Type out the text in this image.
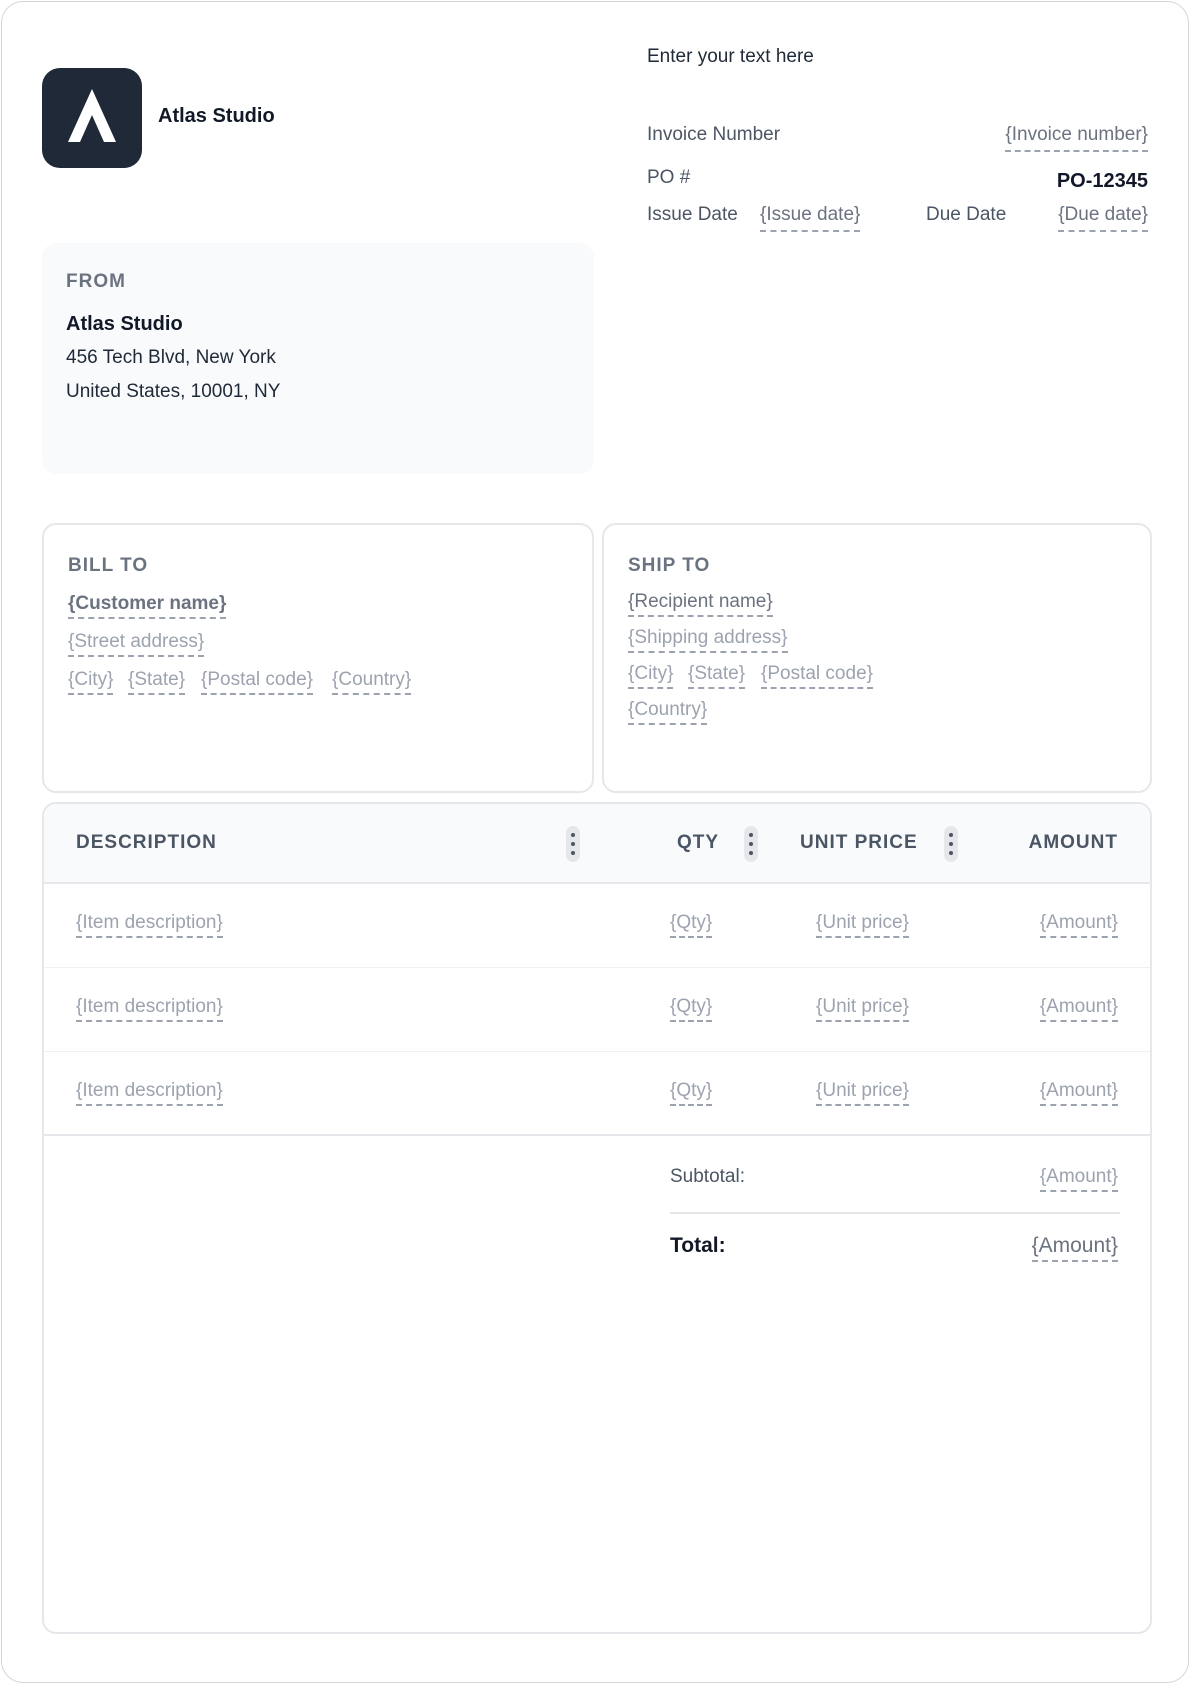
Atlas Studio
Enter your text here
Invoice Number	{Invoice number}
PO #	PO-12345
Issue Date {Issue date}	Due Date	{Due date}
FROM
Atlas Studio
456 Tech Blvd, New York
United States, 10001, NY
BILL TO
{Customer name}
{Street address}
{City} {State} {Postal code} {Country}
SHIP TO
{Recipient name}
{Shipping address}
{City} {State} {Postal code}
{Country}
DESCRIPTION	QTY	UNIT PRICE	AMOUNT
{Item description}	{Qty}	{Unit price}	{Amount}
{Item description}	{Qty}	{Unit price}	{Amount}
{Item description}	{Qty}	{Unit price}	{Amount}
Subtotal:	{Amount}
Total:	{Amount}
